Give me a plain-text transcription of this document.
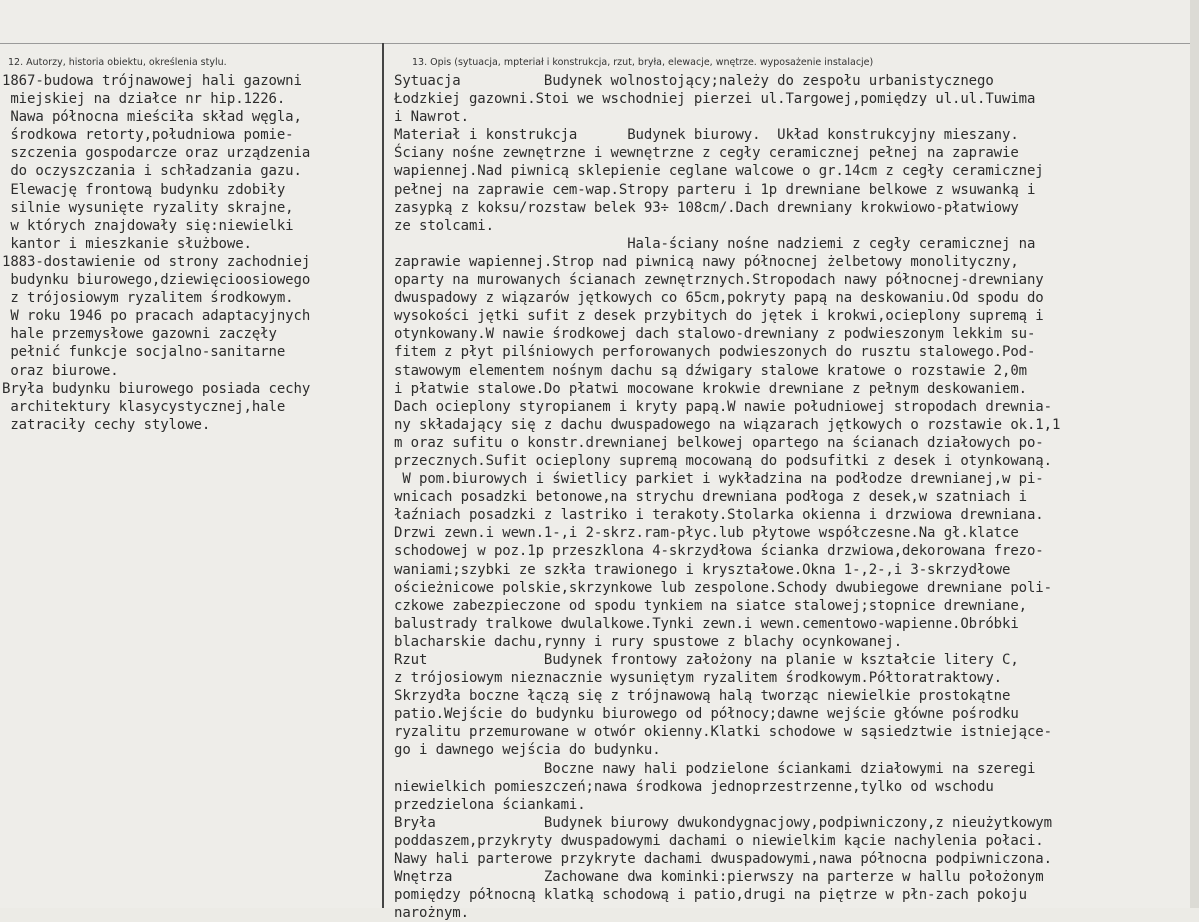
12. Autorzy, historia obiektu, określenia stylu.	13. Opis (sytuacja, mpteriał i konstrukcja, rzut, bryła, elewacje, wnętrze. wyposażenie instalacje)
1867-budowa trójnawowej hali gazowni
miejskiej na działce nr hip.1226.
Nawa północna mieściła skład węgla,
środkowa retorty,południowa pomie-
szczenia gospodarcze oraz urządzenia
do oczyszczania i schładzania gazu.
Elewację frontową budynku zdobiły
silnie wysunięte ryzality skrajne,
w których znajdowały się:niewielki
kantor i mieszkanie służbowe.
1883-dostawienie od strony zachodniej
budynku biurowego,dziewięcioosiowego
z trójosiowym ryzalitem środkowym.
W roku 1946 po pracach adaptacyjnych
hale przemysłowe gazowni zaczęły
pełnić funkcje socjalno-sanitarne
oraz biurowe.
Bryła budynku biurowego posiada cechy
architektury klasycystycznej,hale
zatraciły cechy stylowe.
Sytuacja          Budynek wolnostojący;należy do zespołu urbanistycznego
Łodzkiej gazowni.Stoi we wschodniej pierzei ul.Targowej,pomiędzy ul.ul.Tuwima
i Nawrot.
Materiał i konstrukcja      Budynek biurowy.  Układ konstrukcyjny mieszany.
Ściany nośne zewnętrzne i wewnętrzne z cegły ceramicznej pełnej na zaprawie
wapiennej.Nad piwnicą sklepienie ceglane walcowe o gr.14cm z cegły ceramicznej
pełnej na zaprawie cem-wap.Stropy parteru i 1p drewniane belkowe z wsuwanką i
zasypką z koksu/rozstaw belek 93÷ 108cm/.Dach drewniany krokwiowo-płatwiowy
ze stolcami.
Hala-ściany nośne nadziemi z cegły ceramicznej na
zaprawie wapiennej.Strop nad piwnicą nawy północnej żelbetowy monolityczny,
oparty na murowanych ścianach zewnętrznych.Stropodach nawy północnej-drewniany
dwuspadowy z wiązarów jętkowych co 65cm,pokryty papą na deskowaniu.Od spodu do
wysokości jętki sufit z desek przybitych do jętek i krokwi,ocieplony supremą i
otynkowany.W nawie środkowej dach stalowo-drewniany z podwieszonym lekkim su-
fitem z płyt pilśniowych perforowanych podwieszonych do rusztu stalowego.Pod-
stawowym elementem nośnym dachu są dźwigary stalowe kratowe o rozstawie 2,0m
i płatwie stalowe.Do płatwi mocowane krokwie drewniane z pełnym deskowaniem.
Dach ocieplony styropianem i kryty papą.W nawie południowej stropodach drewnia-
ny składający się z dachu dwuspadowego na wiązarach jętkowych o rozstawie ok.1,1
m oraz sufitu o konstr.drewnianej belkowej opartego na ścianach działowych po-
przecznych.Sufit ocieplony supremą mocowaną do podsufitki z desek i otynkowaną.
W pom.biurowych i świetlicy parkiet i wykładzina na podłodze drewnianej,w pi-
wnicach posadzki betonowe,na strychu drewniana podłoga z desek,w szatniach i
łaźniach posadzki z lastriko i terakoty.Stolarka okienna i drzwiowa drewniana.
Drzwi zewn.i wewn.1-,i 2-skrz.ram-płyc.lub płytowe współczesne.Na gł.klatce
schodowej w poz.1p przeszklona 4-skrzydłowa ścianka drzwiowa,dekorowana frezo-
waniami;szybki ze szkła trawionego i kryształowe.Okna 1-,2-,i 3-skrzydłowe
ościeżnicowe polskie,skrzynkowe lub zespolone.Schody dwubiegowe drewniane poli-
czkowe zabezpieczone od spodu tynkiem na siatce stalowej;stopnice drewniane,
balustrady tralkowe dwulalkowe.Tynki zewn.i wewn.cementowo-wapienne.Obróbki
blacharskie dachu,rynny i rury spustowe z blachy ocynkowanej.
Rzut              Budynek frontowy założony na planie w kształcie litery C,
z trójosiowym nieznacznie wysuniętym ryzalitem środkowym.Półtoratraktowy.
Skrzydła boczne łączą się z trójnawową halą tworząc niewielkie prostokątne
patio.Wejście do budynku biurowego od północy;dawne wejście główne pośrodku
ryzalitu przemurowane w otwór okienny.Klatki schodowe w sąsiedztwie istniejące-
go i dawnego wejścia do budynku.
Boczne nawy hali podzielone ściankami działowymi na szeregi
niewielkich pomieszczeń;nawa środkowa jednoprzestrzenne,tylko od wschodu
przedzielona ściankami.
Bryła             Budynek biurowy dwukondygnacjowy,podpiwniczony,z nieużytkowym
poddaszem,przykryty dwuspadowymi dachami o niewielkim kącie nachylenia połaci.
Nawy hali parterowe przykryte dachami dwuspadowymi,nawa północna podpiwniczona.
Wnętrza           Zachowane dwa kominki:pierwszy na parterze w hallu położonym
pomiędzy północną klatką schodową i patio,drugi na piętrze w płn-zach pokoju
narożnym.
